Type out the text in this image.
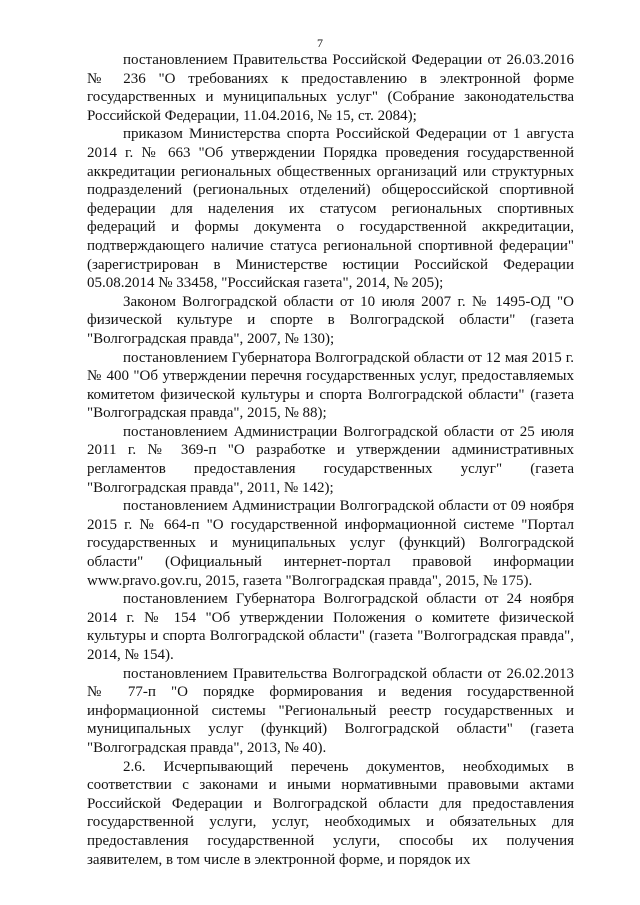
7

постановлением Правительства Российской Федерации от 26.03.2016 № 236 "О требованиях к предоставлению в электронной форме государственных и муниципальных услуг" (Собрание законодательства Российской Федерации, 11.04.2016, № 15, ст. 2084);

приказом Министерства спорта Российской Федерации от 1 августа 2014 г. № 663 "Об утверждении Порядка проведения государственной аккредитации региональных общественных организаций или структурных подразделений (региональных отделений) общероссийской спортивной федерации для наделения их статусом региональных спортивных федераций и формы документа о государственной аккредитации, подтверждающего наличие статуса региональной спортивной федерации" (зарегистрирован в Министерстве юстиции Российской Федерации 05.08.2014 № 33458, "Российская газета", 2014, № 205);

Законом Волгоградской области от 10 июля 2007 г. № 1495-ОД "О физической культуре и спорте в Волгоградской области" (газета "Волгоградская правда", 2007, № 130);

постановлением Губернатора Волгоградской области от 12 мая 2015 г. № 400 "Об утверждении перечня государственных услуг, предоставляемых комитетом физической культуры и спорта Волгоградской области" (газета "Волгоградская правда", 2015, № 88);

постановлением Администрации Волгоградской области от 25 июля 2011 г. № 369-п "О разработке и утверждении административных регламентов предоставления государственных услуг" (газета "Волгоградская правда", 2011, № 142);

постановлением Администрации Волгоградской области от 09 ноября 2015 г. № 664-п "О государственной информационной системе "Портал государственных и муниципальных услуг (функций) Волгоградской области" (Официальный интернет-портал правовой информации www.pravo.gov.ru, 2015, газета "Волгоградская правда", 2015, № 175).

постановлением Губернатора Волгоградской области от 24 ноября 2014 г. № 154 "Об утверждении Положения о комитете физической культуры и спорта Волгоградской области" (газета "Волгоградская правда", 2014, № 154).

постановлением Правительства Волгоградской области от 26.02.2013 № 77-п "О порядке формирования и ведения государственной информационной системы "Региональный реестр государственных и муниципальных услуг (функций) Волгоградской области" (газета "Волгоградская правда", 2013, № 40).

2.6. Исчерпывающий перечень документов, необходимых в соответствии с законами и иными нормативными правовыми актами Российской Федерации и Волгоградской области для предоставления государственной услуги, услуг, необходимых и обязательных для предоставления государственной услуги, способы их получения заявителем, в том числе в электронной форме, и порядок их
